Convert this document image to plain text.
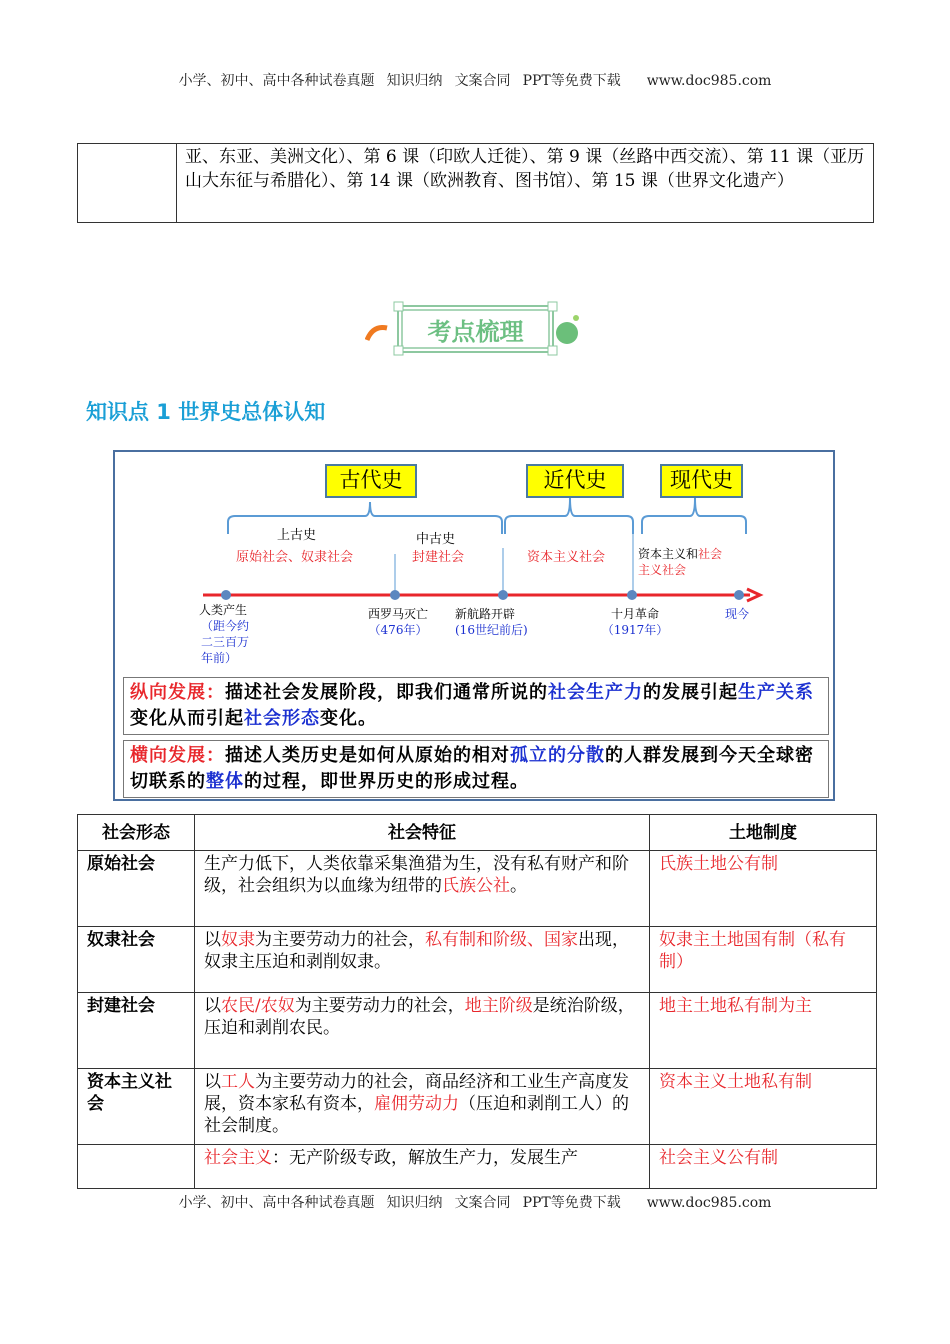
小学、初中、高中各种试卷真题 知识归纳 文案合同 PPT等免费下载 www.doc985.com
	亚、东亚、美洲文化）、第 6 课（印欧人迁徙）、第 9 课（丝路中西交流）、第 11 课（亚历山大东征与希腊化）、第 14 课（欧洲教育、图书馆）、第 15 课（世界文化遗产）
考点梳理
知识点 1 世界史总体认知
古代史	近代史	现代史
上古史
原始社会、奴隶社会
中古史
封建社会	资本主义社会	资本主义和社会
主义社会
人类产生
（距今约二三百万年前）
西罗马灭亡
（476年）
新航路开辟
(16世纪前后)
十月革命
（1917年）
现今
纵向发展：描述社会发展阶段，即我们通常所说的社会生产力的发展引起生产关系变化从而引起社会形态变化。
横向发展：描述人类历史是如何从原始的相对孤立的分散的人群发展到今天全球密切联系的整体的过程，即世界历史的形成过程。
社会形态	社会特征	土地制度
原始社会	生产力低下，人类依靠采集渔猎为生，没有私有财产和阶级，社会组织为以血缘为纽带的氏族公社。	氏族土地公有制
奴隶社会	以奴隶为主要劳动力的社会，私有制和阶级、国家出现，奴隶主压迫和剥削奴隶。	奴隶主土地国有制（私有制）
封建社会	以农民/农奴为主要劳动力的社会，地主阶级是统治阶级，压迫和剥削农民。	地主土地私有制为主
资本主义社会	以工人为主要劳动力的社会，商品经济和工业生产高度发展，资本家私有资本，雇佣劳动力（压迫和剥削工人）的社会制度。	资本主义土地私有制
	社会主义：无产阶级专政，解放生产力，发展生产	社会主义公有制
小学、初中、高中各种试卷真题 知识归纳 文案合同 PPT等免费下载 www.doc985.com
